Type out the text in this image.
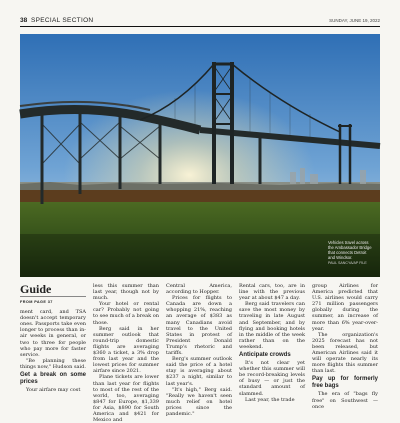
38 SPECIAL SECTION	SUNDAY, JUNE 19, 2022
Vehicles travel across the Ambassador Bridge that connects Detroit and Windsor.
PAUL SANCYA/AP FILE
Guide
FROM PAGE 37

ment card, and TSA doesn't accept temporary ones. Passports take even longer to process than in-air weeks in general, or two to three for people who pay more for faster service.

"Be planning these things now," Hudson said.

Get a break on some prices

Your airfare may cost

less this summer than last year, though not by much.

Your hotel or rental car? Probably not going to see much of a break on those.

Berg said in her summer outlook that round-trip domestic flights are averaging $360 a ticket, a 3% drop from last year and the lowest prices for summer airfare since 2021.

Plane tickets are lower than last year for flights to most of the rest of the world, too, averaging $847 for Europe, $1,339 for Asia, $890 for South America and $421 for Mexico and

Central America, according to Hopper.

Prices for flights to Canada are down a whopping 21%, reaching an average of $383 as many Canadians avoid travel to the United States in protest of President Donald Trump's rhetoric and tariffs.

Berg's summer outlook said the price of a hotel stay is averaging about $237 a night, similar to last year's.

"It's high," Berg said. "Really we haven't seen much relief on hotel prices since the pandemic."

Rental cars, too, are in line with the previous year at about $47 a day.

Berg said travelers can save the most money by traveling in late August and September, and by flying and booking hotels in the middle of the week rather than on the weekend.

Anticipate crowds

It's not clear yet whether this summer will be record-breaking levels of busy — or just the standard amount of slammed.

Last year, the trade

group Airlines for America predicted that U.S. airlines would carry 271 million passengers globally during the summer, an increase of more than 6% year-over-year.

The organization's 2025 forecast has not been released, but American Airlines said it will operate nearly its more flights this summer than last.

Pay up for formerly free bags

The era of "bags fly free" on Southwest — once
